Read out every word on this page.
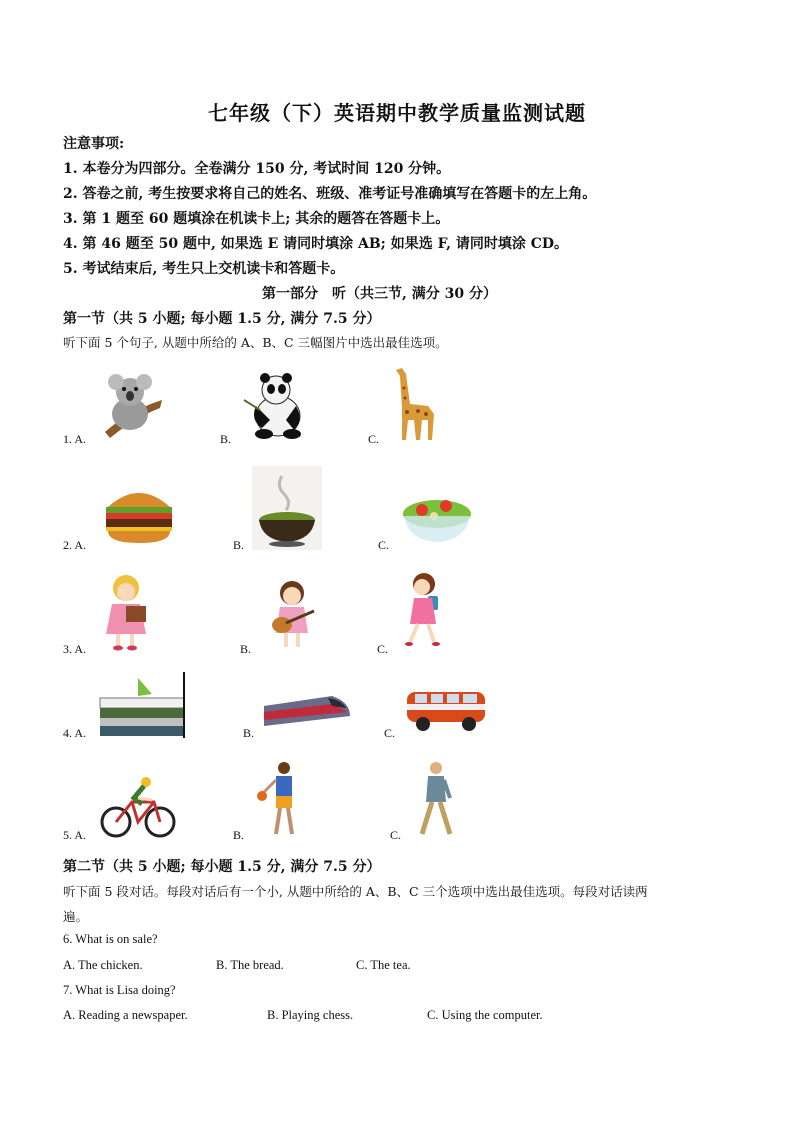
七年级（下）英语期中教学质量监测试题
注意事项:
1. 本卷分为四部分。全卷满分 150 分, 考试时间 120 分钟。
2. 答卷之前, 考生按要求将自己的姓名、班级、准考证号准确填写在答题卡的左上角。
3. 第 1 题至 60 题填涂在机读卡上; 其余的题答在答题卡上。
4. 第 46 题至 50 题中, 如果选 E 请同时填涂 AB; 如果选 F, 请同时填涂 CD。
5. 考试结束后, 考生只上交机读卡和答题卡。
第一部分　听（共三节, 满分 30 分）
第一节（共 5 小题; 每小题 1.5 分, 满分 7.5 分）
听下面 5 个句子, 从题中所给的 A、B、C 三幅图片中选出最佳选项。
1. A.	B.	C.
2. A.	B.	C.
3. A.	B.	C.
4. A.	B.	C.
5. A.	B.	C.
第二节（共 5 小题; 每小题 1.5 分, 满分 7.5 分）
听下面 5 段对话。每段对话后有一个小, 从题中所给的 A、B、C 三个选项中选出最佳选项。每段对话读两
遍。
6. What is on sale?
A. The chicken.	B. The bread.	C. The tea.
7. What is Lisa doing?
A. Reading a newspaper.	B. Playing chess.	C. Using the computer.
